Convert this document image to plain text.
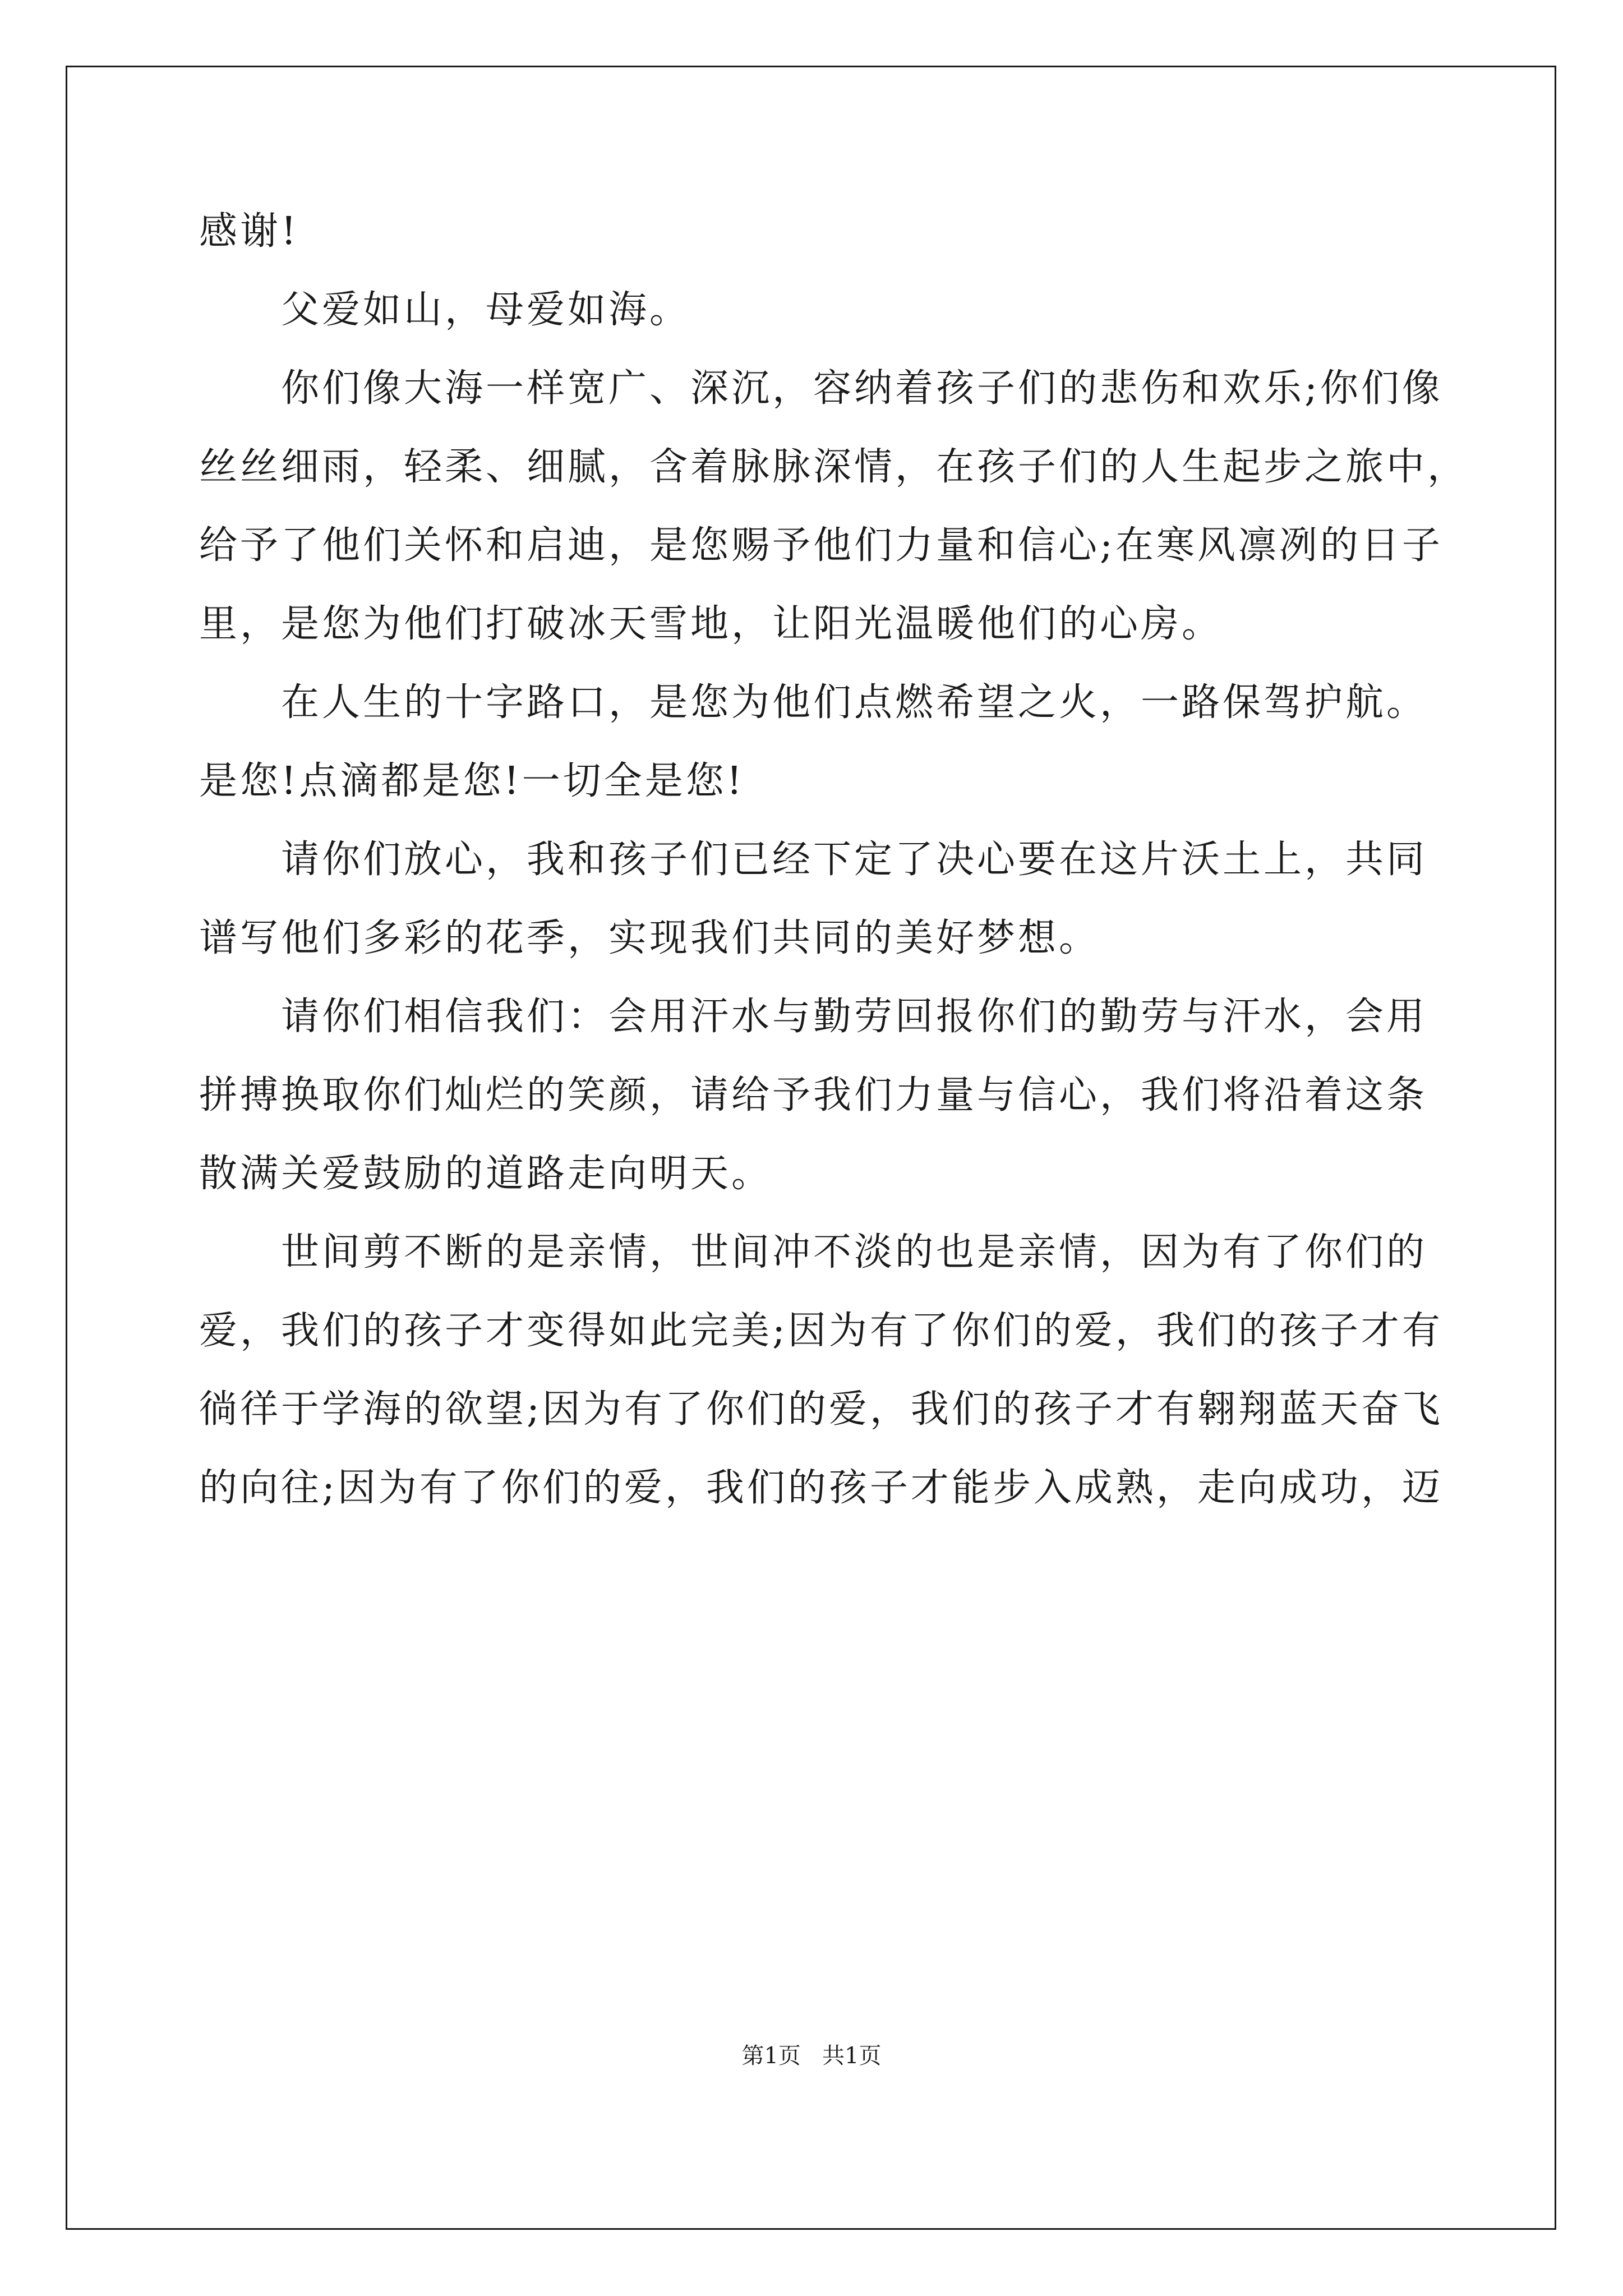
感谢!

父爱如山，母爱如海。

你们像大海一样宽广、深沉，容纳着孩子们的悲伤和欢乐;你们像

丝丝细雨，轻柔、细腻，含着脉脉深情，在孩子们的人生起步之旅中，

给予了他们关怀和启迪，是您赐予他们力量和信心;在寒风凛冽的日子

里，是您为他们打破冰天雪地，让阳光温暖他们的心房。

在人生的十字路口，是您为他们点燃希望之火，一路保驾护航。

是您!点滴都是您!一切全是您!

请你们放心，我和孩子们已经下定了决心要在这片沃土上，共同

谱写他们多彩的花季，实现我们共同的美好梦想。

请你们相信我们：会用汗水与勤劳回报你们的勤劳与汗水，会用

拼搏换取你们灿烂的笑颜，请给予我们力量与信心，我们将沿着这条

散满关爱鼓励的道路走向明天。

世间剪不断的是亲情，世间冲不淡的也是亲情，因为有了你们的

爱，我们的孩子才变得如此完美;因为有了你们的爱，我们的孩子才有

徜徉于学海的欲望;因为有了你们的爱，我们的孩子才有翱翔蓝天奋飞

的向往;因为有了你们的爱，我们的孩子才能步入成熟，走向成功，迈

第1页   共1页
